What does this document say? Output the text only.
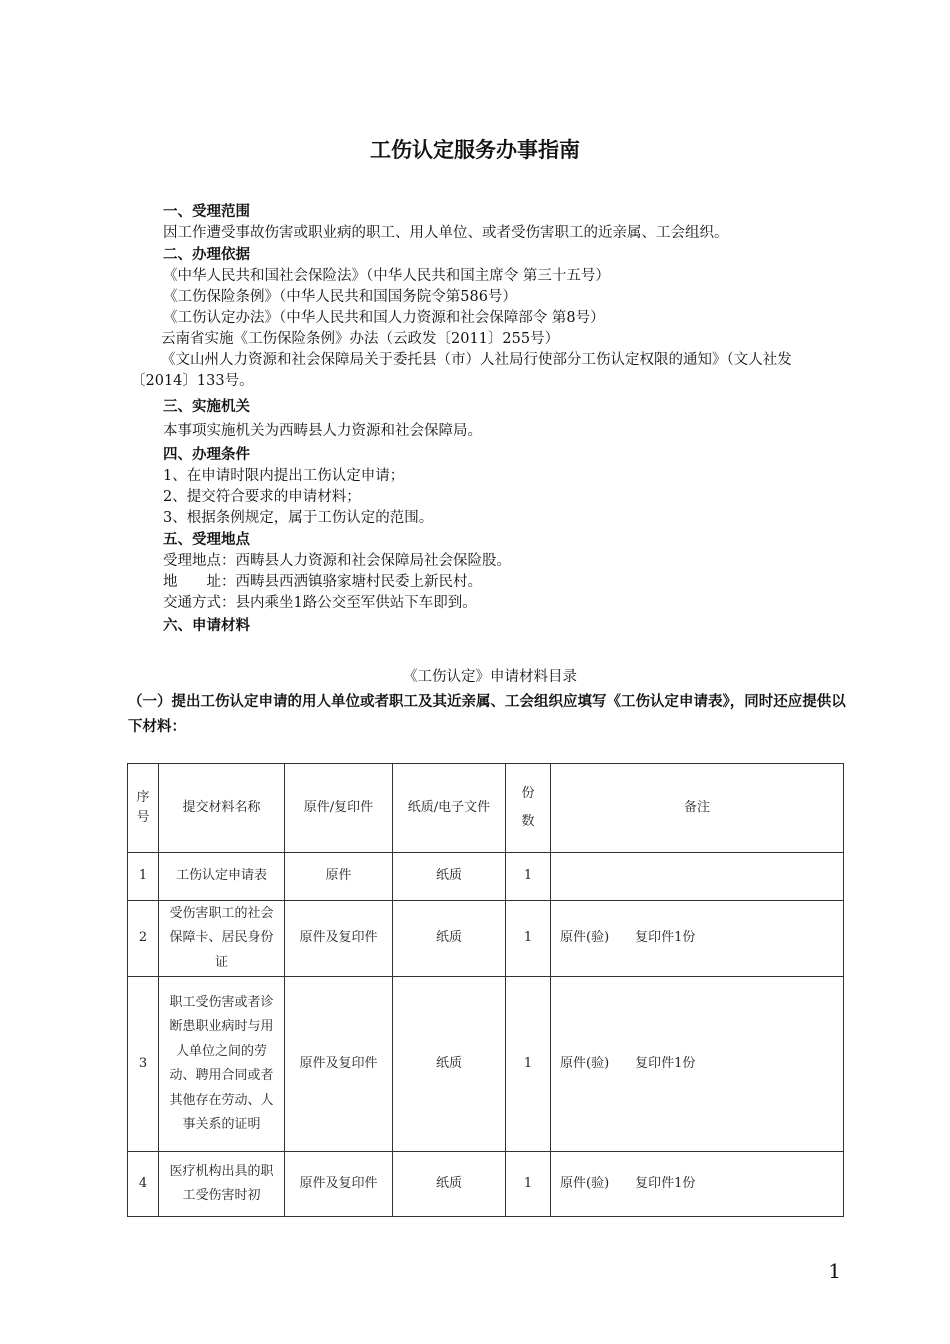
工伤认定服务办事指南
一、受理范围
因工作遭受事故伤害或职业病的职工、用人单位、或者受伤害职工的近亲属、工会组织。
二、办理依据
《中华人民共和国社会保险法》（中华人民共和国主席令 第三十五号）
《工伤保险条例》（中华人民共和国国务院令第586号）
《工伤认定办法》（中华人民共和国人力资源和社会保障部令 第8号）
云南省实施《工伤保险条例》办法（云政发〔2011〕255号）
《文山州人力资源和社会保障局关于委托县（市）人社局行使部分工伤认定权限的通知》（文人社发〔2014〕133号。
三、实施机关
本事项实施机关为西畴县人力资源和社会保障局。
四、办理条件
1、在申请时限内提出工伤认定申请；
2、提交符合要求的申请材料；
3、根据条例规定，属于工伤认定的范围。
五、受理地点
受理地点：西畴县人力资源和社会保障局社会保险股。
地　　址：西畴县西洒镇骆家塘村民委上新民村。
交通方式：县内乘坐1路公交至军供站下车即到。
六、申请材料
《工伤认定》申请材料目录
（一）提出工伤认定申请的用人单位或者职工及其近亲属、工会组织应填写《工伤认定申请表》，同时还应提供以下材料：
序号	提交材料名称	原件/复印件	纸质/电子文件	份数	备注
1	工伤认定申请表	原件	纸质	1	
2	受伤害职工的社会保障卡、居民身份证	原件及复印件	纸质	1	原件(验)　　复印件1份
3	职工受伤害或者诊断患职业病时与用人单位之间的劳动、聘用合同或者其他存在劳动、人事关系的证明	原件及复印件	纸质	1	原件(验)　　复印件1份
4	医疗机构出具的职工受伤害时初	原件及复印件	纸质	1	原件(验)　　复印件1份
1
